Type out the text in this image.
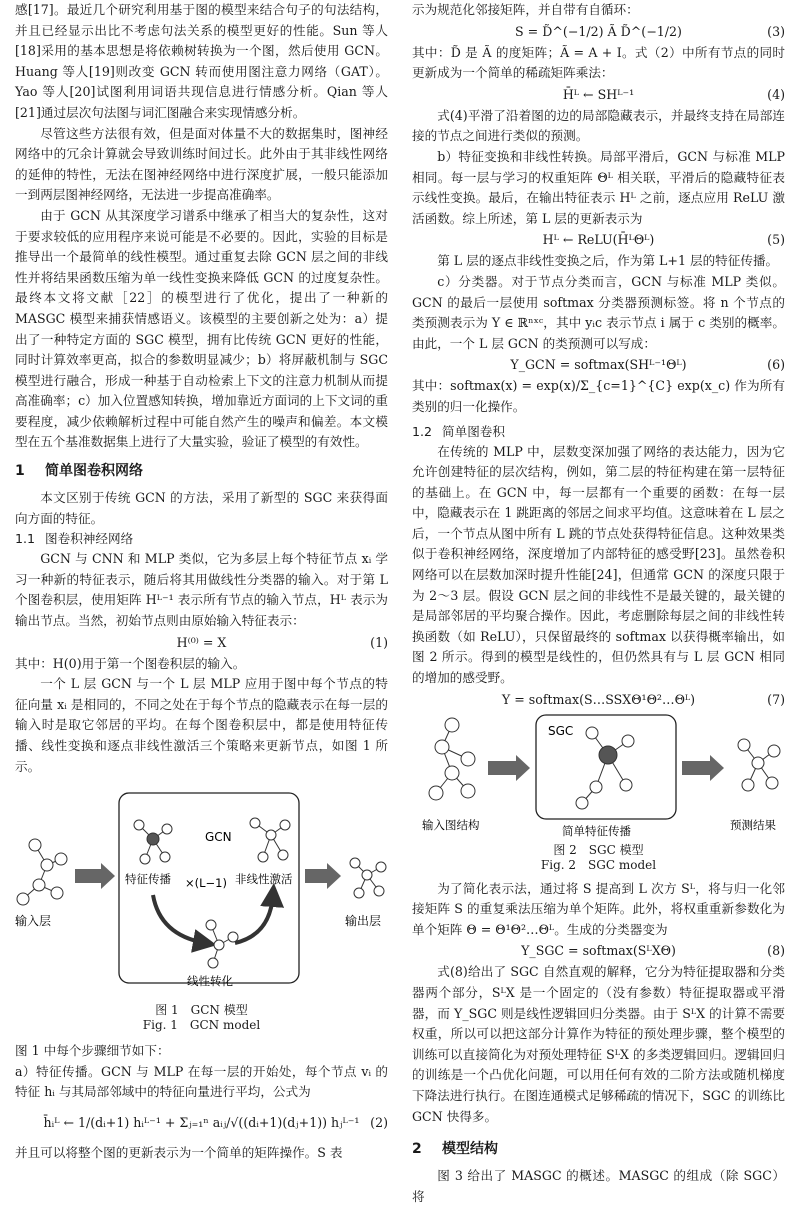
感[17]。最近几个研究利用基于图的模型来结合句子的句法结构，并且已经显示出比不考虑句法关系的模型更好的性能。Sun 等人[18]采用的基本思想是将依赖树转换为一个图，然后使用 GCN。Huang 等人[19]则改变 GCN 转而使用图注意力网络（GAT）。Yao 等人[20]试图利用词语共现信息进行情感分析。Qian 等人[21]通过层次句法图与词汇图融合来实现情感分析。

尽管这些方法很有效，但是面对体量不大的数据集时，图神经网络中的冗余计算就会导致训练时间过长。此外由于其非线性网络的延伸的特性，无法在图神经网络中进行深度扩展，一般只能添加一到两层图神经网络，无法进一步提高准确率。

由于 GCN 从其深度学习谱系中继承了相当大的复杂性，这对于要求较低的应用程序来说可能是不必要的。因此，实验的目标是推导出一个最简单的线性模型。通过重复去除 GCN 层之间的非线性并将结果函数压缩为单一线性变换来降低 GCN 的过度复杂性。最终本文将文献［22］的模型进行了优化，提出了一种新的 MASGC 模型来捕获情感语义。该模型的主要创新之处为：a）提出了一种特定方面的 SGC 模型，拥有比传统 GCN 更好的性能，同时计算效率更高，拟合的参数明显减少；b）将屏蔽机制与 SGC 模型进行融合，形成一种基于自动检索上下文的注意力机制从而提高准确率；c）加入位置感知转换，增加靠近方面词的上下文词的重要程度，减少依赖解析过程中可能自然产生的噪声和偏差。本文模型在五个基准数据集上进行了大量实验，验证了模型的有效性。

1 简单图卷积网络

本文区别于传统 GCN 的方法，采用了新型的 SGC 来获得面向方面的特征。

1.1 图卷积神经网络

GCN 与 CNN 和 MLP 类似，它为多层上每个特征节点 xᵢ 学习一种新的特征表示，随后将其用做线性分类器的输入。对于第 L 个图卷积层，使用矩阵 Hᴸ⁻¹ 表示所有节点的输入节点，Hᴸ 表示为输出节点。当然，初始节点则由原始输入特征表示：

H⁽⁰⁾ = X	(1)

其中：H(0)用于第一个图卷积层的输入。

一个 L 层 GCN 与一个 L 层 MLP 应用于图中每个节点的特征向量 xᵢ 是相同的，不同之处在于每个节点的隐藏表示在每一层的输入时是取它邻居的平均。在每个图卷积层中，都是使用特征传播、线性变换和逐点非线性激活三个策略来更新节点，如图 1 所示。

输入层
GCN
特征传播 ×(L−1) 非线性激活
线性转化
输出层
图 1　GCN 模型
Fig. 1　GCN model

图 1 中每个步骤细节如下：

a）特征传播。GCN 与 MLP 在每一层的开始处，每个节点 vᵢ 的特征 hᵢ 与其局部邻域中的特征向量进行平均，公式为

h̄ᵢᴸ ← 1/(dᵢ+1) hᵢᴸ⁻¹ + Σⱼ₌₁ⁿ aᵢⱼ/√((dᵢ+1)(dⱼ+1)) hⱼᴸ⁻¹ (2)

并且可以将整个图的更新表示为一个简单的矩阵操作。S 表

示为规范化邻接矩阵，并自带有自循环：

S = D̃^(−1/2) Ã D̃^(−1/2)	(3)

其中：D̃ 是 Ã 的度矩阵；Ã = A + I。式（2）中所有节点的同时更新成为一个简单的稀疏矩阵乘法：

H̄ᴸ ← SHᴸ⁻¹	(4)

式(4)平滑了沿着图的边的局部隐藏表示，并最终支持在局部连接的节点之间进行类似的预测。

b）特征变换和非线性转换。局部平滑后，GCN 与标准 MLP 相同。每一层与学习的权重矩阵 Θᴸ 相关联，平滑后的隐藏特征表示线性变换。最后，在输出特征表示 Hᴸ 之前，逐点应用 ReLU 激活函数。综上所述，第 L 层的更新表示为

Hᴸ ← ReLU(H̄ᴸΘᴸ)	(5)

第 L 层的逐点非线性变换之后，作为第 L+1 层的特征传播。

c）分类器。对于节点分类而言，GCN 与标准 MLP 类似。GCN 的最后一层使用 softmax 分类器预测标签。将 n 个节点的类预测表示为 Y ∈ ℝⁿˣᶜ，其中 yᵢc 表示节点 i 属于 c 类别的概率。由此，一个 L 层 GCN 的类预测可以写成：

Y_GCN = softmax(SHᴸ⁻¹Θᴸ)	(6)

其中：softmax(x) = exp(x)/Σ_{c=1}^{C} exp(x_c) 作为所有类别的归一化操作。

1.2 简单图卷积

在传统的 MLP 中，层数变深加强了网络的表达能力，因为它允许创建特征的层次结构，例如，第二层的特征构建在第一层特征的基础上。在 GCN 中，每一层都有一个重要的函数：在每一层中，隐藏表示在 1 跳距离的邻居之间求平均值。这意味着在 L 层之后，一个节点从图中所有 L 跳的节点处获得特征信息。这种效果类似于卷积神经网络，深度增加了内部特征的感受野[23]。虽然卷积网络可以在层数加深时提升性能[24]，但通常 GCN 的深度只限于为 2～3 层。假设 GCN 层之间的非线性不是最关键的，最关键的是局部邻居的平均聚合操作。因此，考虑删除每层之间的非线性转换函数（如 ReLU），只保留最终的 softmax 以获得概率输出，如图 2 所示。得到的模型是线性的，但仍然具有与 L 层 GCN 相同的增加的感受野。

Y = softmax(S…SSXΘ¹Θ²…Θᴸ)	(7)
输入图结构
SGC
简单特征传播	预测结果
图 2　SGC 模型
Fig. 2　SGC model

为了简化表示法，通过将 S 提高到 L 次方 Sᴸ，将与归一化邻接矩阵 S 的重复乘法压缩为单个矩阵。此外，将权重重新参数化为单个矩阵 Θ = Θ¹Θ²…Θᴸ。生成的分类器变为

Y_SGC = softmax(SᴸXΘ)	(8)

式(8)给出了 SGC 自然直观的解释，它分为特征提取器和分类器两个部分，SᴸX 是一个固定的（没有参数）特征提取器或平滑器，而 Y_SGC 则是线性逻辑回归分类器。由于 SᴸX 的计算不需要权重，所以可以把这部分计算作为特征的预处理步骤，整个模型的训练可以直接简化为对预处理特征 SᴸX 的多类逻辑回归。逻辑回归的训练是一个凸优化问题，可以用任何有效的二阶方法或随机梯度下降法进行执行。在图连通模式足够稀疏的情况下，SGC 的训练比 GCN 快得多。

2 模型结构

图 3 给出了 MASGC 的概述。MASGC 的组成（除 SGC）将
